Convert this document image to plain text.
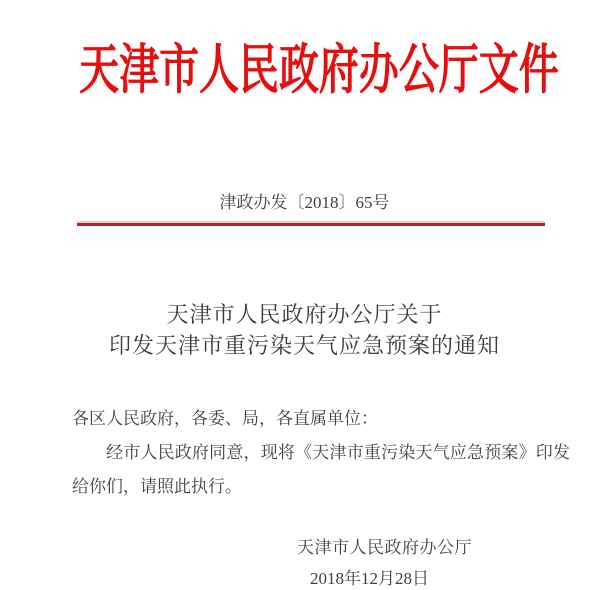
天津市人民政府办公厅文件
津政办发〔2018〕65号
天津市人民政府办公厅关于
印发天津市重污染天气应急预案的通知
各区人民政府，各委、局，各直属单位：
经市人民政府同意，现将《天津市重污染天气应急预案》印发给你们，请照此执行。
天津市人民政府办公厅
2018年12月28日
